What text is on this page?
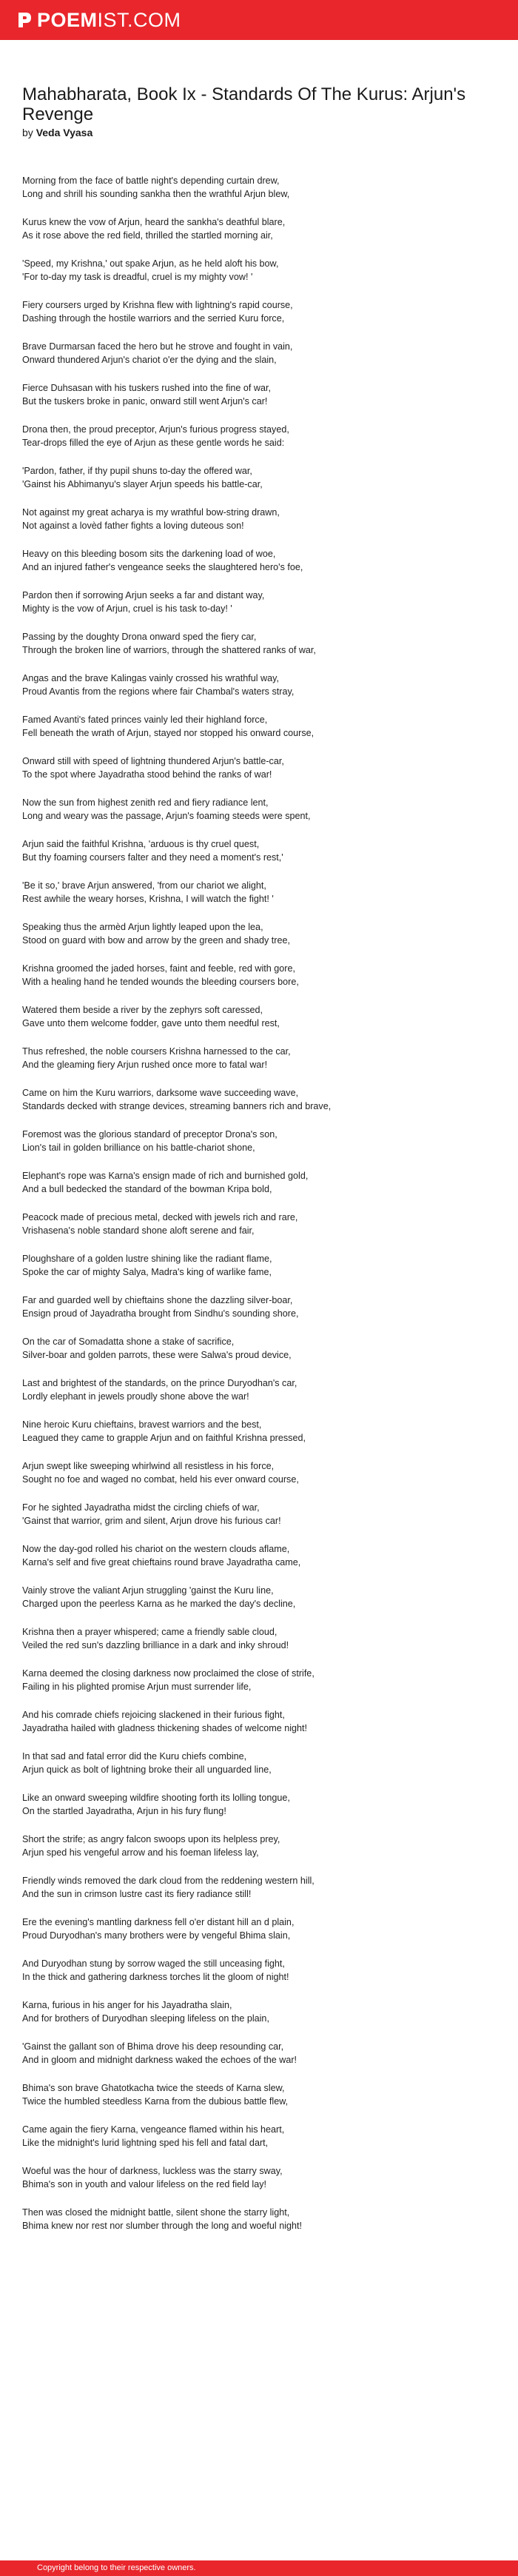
POEMIST.COM
Mahabharata, Book Ix - Standards Of The Kurus: Arjun's Revenge
by Veda Vyasa
Morning from the face of battle night's depending curtain drew,
Long and shrill his sounding sankha then the wrathful Arjun blew,
Kurus knew the vow of Arjun, heard the sankha's deathful blare,
As it rose above the red field, thrilled the startled morning air,
'Speed, my Krishna,' out spake Arjun, as he held aloft his bow,
'For to-day my task is dreadful, cruel is my mighty vow! '
Fiery coursers urged by Krishna flew with lightning's rapid course,
Dashing through the hostile warriors and the serried Kuru force,
Brave Durmarsan faced the hero but he strove and fought in vain,
Onward thundered Arjun's chariot o'er the dying and the slain,
Fierce Duhsasan with his tuskers rushed into the fine of war,
But the tuskers broke in panic, onward still went Arjun's car!
Drona then, the proud preceptor, Arjun's furious progress stayed,
Tear-drops filled the eye of Arjun as these gentle words he said:
'Pardon, father, if thy pupil shuns to-day the offered war,
'Gainst his Abhimanyu's slayer Arjun speeds his battle-car,
Not against my great acharya is my wrathful bow-string drawn,
Not against a lovèd father fights a loving duteous son!
Heavy on this bleeding bosom sits the darkening load of woe,
And an injured father's vengeance seeks the slaughtered hero's foe,
Pardon then if sorrowing Arjun seeks a far and distant way,
Mighty is the vow of Arjun, cruel is his task to-day! '
Passing by the doughty Drona onward sped the fiery car,
Through the broken line of warriors, through the shattered ranks of war,
Angas and the brave Kalingas vainly crossed his wrathful way,
Proud Avantis from the regions where fair Chambal's waters stray,
Famed Avanti's fated princes vainly led their highland force,
Fell beneath the wrath of Arjun, stayed nor stopped his onward course,
Onward still with speed of lightning thundered Arjun's battle-car,
To the spot where Jayadratha stood behind the ranks of war!
Now the sun from highest zenith red and fiery radiance lent,
Long and weary was the passage, Arjun's foaming steeds were spent,
Arjun said the faithful Krishna, 'arduous is thy cruel quest,
But thy foaming coursers falter and they need a moment's rest,'
'Be it so,' brave Arjun answered, 'from our chariot we alight,
Rest awhile the weary horses, Krishna, I will watch the fight! '
Speaking thus the armèd Arjun lightly leaped upon the lea,
Stood on guard with bow and arrow by the green and shady tree,
Krishna groomed the jaded horses, faint and feeble, red with gore,
With a healing hand he tended wounds the bleeding coursers bore,
Watered them beside a river by the zephyrs soft caressed,
Gave unto them welcome fodder, gave unto them needful rest,
Thus refreshed, the noble coursers Krishna harnessed to the car,
And the gleaming fiery Arjun rushed once more to fatal war!
Came on him the Kuru warriors, darksome wave succeeding wave,
Standards decked with strange devices, streaming banners rich and brave,
Foremost was the glorious standard of preceptor Drona's son,
Lion's tail in golden brilliance on his battle-chariot shone,
Elephant's rope was Karna's ensign made of rich and burnished gold,
And a bull bedecked the standard of the bowman Kripa bold,
Peacock made of precious metal, decked with jewels rich and rare,
Vrishasena's noble standard shone aloft serene and fair,
Ploughshare of a golden lustre shining like the radiant flame,
Spoke the car of mighty Salya, Madra's king of warlike fame,
Far and guarded well by chieftains shone the dazzling silver-boar,
Ensign proud of Jayadratha brought from Sindhu's sounding shore,
On the car of Somadatta shone a stake of sacrifice,
Silver-boar and golden parrots, these were Salwa's proud device,
Last and brightest of the standards, on the prince Duryodhan's car,
Lordly elephant in jewels proudly shone above the war!
Nine heroic Kuru chieftains, bravest warriors and the best,
Leagued they came to grapple Arjun and on faithful Krishna pressed,
Arjun swept like sweeping whirlwind all resistless in his force,
Sought no foe and waged no combat, held his ever onward course,
For he sighted Jayadratha midst the circling chiefs of war,
'Gainst that warrior, grim and silent, Arjun drove his furious car!
Now the day-god rolled his chariot on the western clouds aflame,
Karna's self and five great chieftains round brave Jayadratha came,
Vainly strove the valiant Arjun struggling 'gainst the Kuru line,
Charged upon the peerless Karna as he marked the day's decline,
Krishna then a prayer whispered; came a friendly sable cloud,
Veiled the red sun's dazzling brilliance in a dark and inky shroud!
Karna deemed the closing darkness now proclaimed the close of strife,
Failing in his plighted promise Arjun must surrender life,
And his comrade chiefs rejoicing slackened in their furious fight,
Jayadratha hailed with gladness thickening shades of welcome night!
In that sad and fatal error did the Kuru chiefs combine,
Arjun quick as bolt of lightning broke their all unguarded line,
Like an onward sweeping wildfire shooting forth its lolling tongue,
On the startled Jayadratha, Arjun in his fury flung!
Short the strife; as angry falcon swoops upon its helpless prey,
Arjun sped his vengeful arrow and his foeman lifeless lay,
Friendly winds removed the dark cloud from the reddening western hill,
And the sun in crimson lustre cast its fiery radiance still!
Ere the evening's mantling darkness fell o'er distant hill an d plain,
Proud Duryodhan's many brothers were by vengeful Bhima slain,
And Duryodhan stung by sorrow waged the still unceasing fight,
In the thick and gathering darkness torches lit the gloom of night!
Karna, furious in his anger for his Jayadratha slain,
And for brothers of Duryodhan sleeping lifeless on the plain,
'Gainst the gallant son of Bhima drove his deep resounding car,
And in gloom and midnight darkness waked the echoes of the war!
Bhima's son brave Ghatotkacha twice the steeds of Karna slew,
Twice the humbled steedless Karna from the dubious battle flew,
Came again the fiery Karna, vengeance flamed within his heart,
Like the midnight's lurid lightning sped his fell and fatal dart,
Woeful was the hour of darkness, luckless was the starry sway,
Bhima's son in youth and valour lifeless on the red field lay!
Then was closed the midnight battle, silent shone the starry light,
Bhima knew nor rest nor slumber through the long and woeful night!
Copyright belong to their respective owners.
